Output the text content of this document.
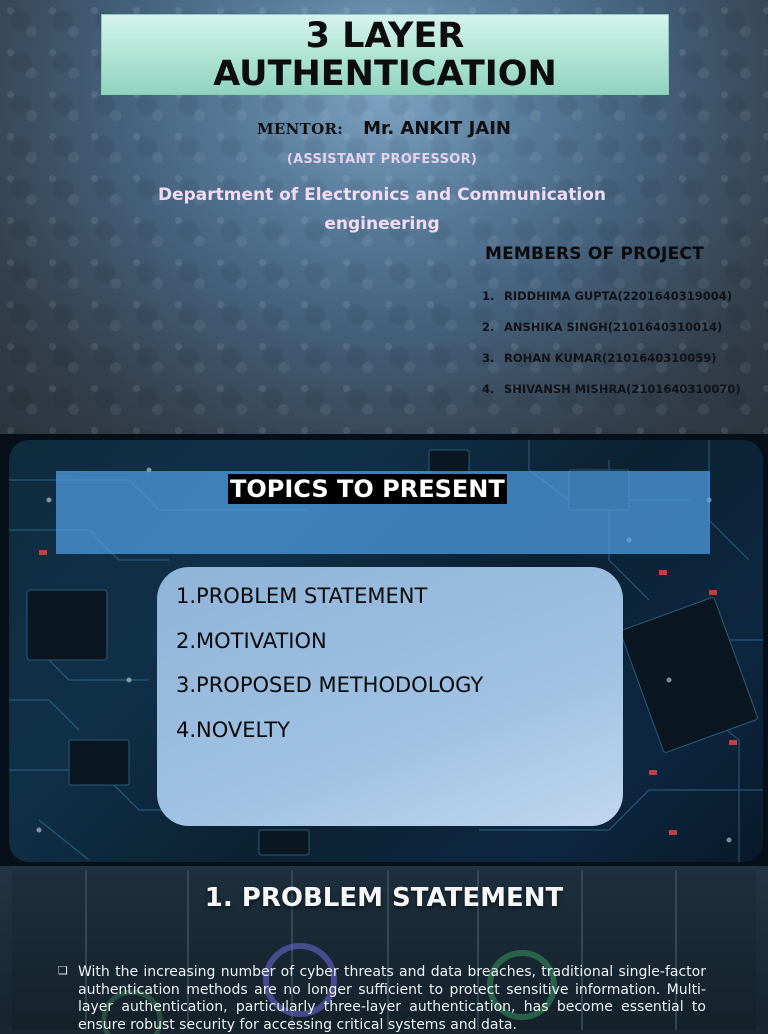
3 LAYER
AUTHENTICATION
MENTOR: Mr. ANKIT JAIN
(ASSISTANT PROFESSOR)
Department of Electronics and Communication engineering
MEMBERS OF PROJECT
1. RIDDHIMA GUPTA(2201640319004)
2. ANSHIKA SINGH(2101640310014)
3. ROHAN KUMAR(2101640310059)
4. SHIVANSH MISHRA(2101640310070)
TOPICS TO PRESENT
1.PROBLEM STATEMENT
2.MOTIVATION
3.PROPOSED METHODOLOGY
4.NOVELTY
1. PROBLEM STATEMENT
❑ With the increasing number of cyber threats and data breaches, traditional single-factor authentication methods are no longer sufficient to protect sensitive information. Multi-layer authentication, particularly three-layer authentication, has become essential to ensure robust security for accessing critical systems and data.
